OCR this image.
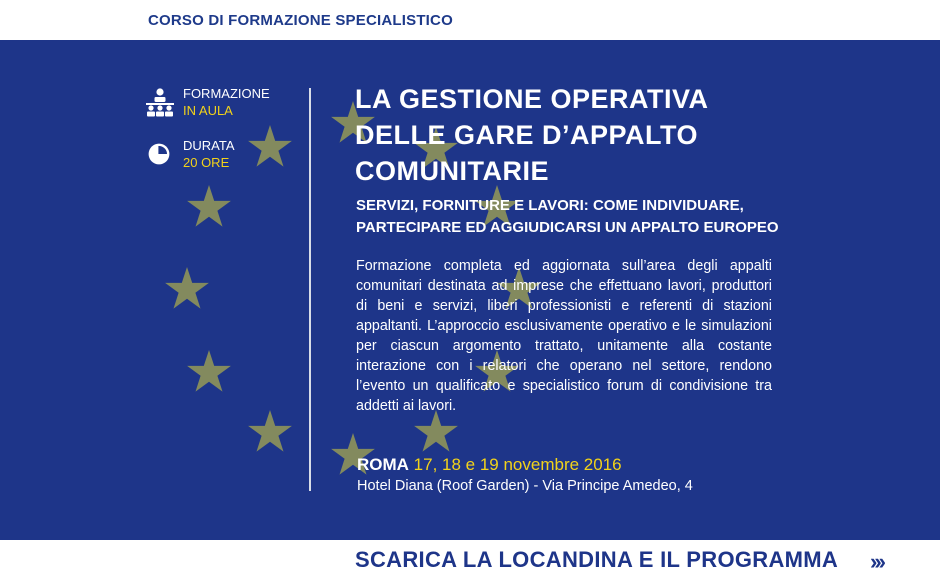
CORSO DI FORMAZIONE SPECIALISTICO
FORMAZIONE
IN AULA
DURATA
20 ORE
LA GESTIONE OPERATIVA
DELLE GARE D’APPALTO
COMUNITARIE
SERVIZI, FORNITURE E LAVORI: COME INDIVIDUARE,
PARTECIPARE ED AGGIUDICARSI UN APPALTO EUROPEO
Formazione completa ed aggiornata sull’area degli appalti comunitari destinata ad imprese che effettuano lavori, produttori di beni e servizi, liberi professionisti e referenti di stazioni appaltanti. L’approccio esclusivamente operativo e le simulazioni per ciascun argomento trattato, unitamente alla costante interazione con i relatori che operano nel settore, rendono l’evento un qualificato e specialistico forum di condivisione tra addetti ai lavori.
ROMA 17, 18 e 19 novembre 2016
Hotel Diana (Roof Garden) - Via Principe Amedeo, 4
SCARICA LA LOCANDINA E IL PROGRAMMA ›››
